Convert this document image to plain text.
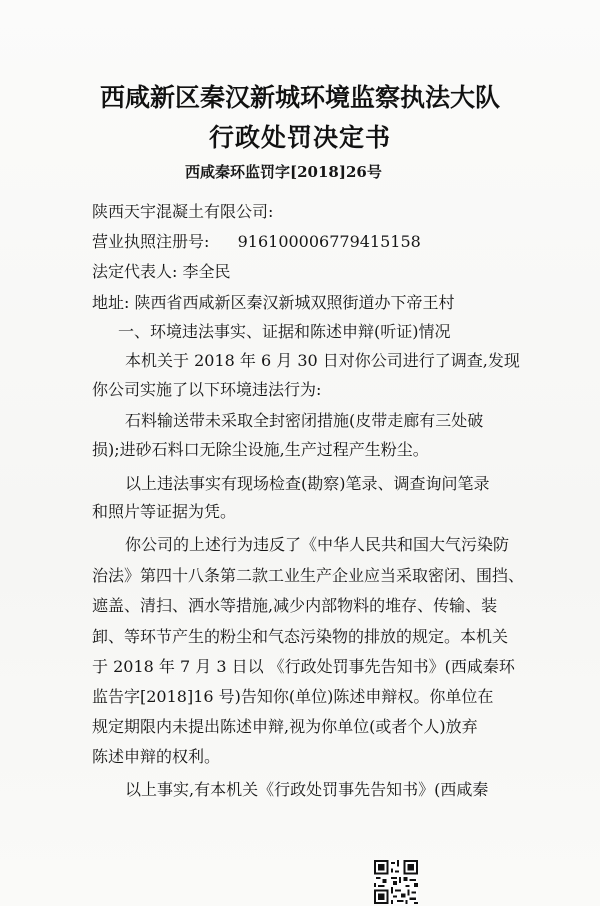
西咸新区秦汉新城环境监察执法大队
行政处罚决定书
西咸秦环监罚字[2018]26号
陕西天宇混凝土有限公司:
营业执照注册号: 916100006779415158
法定代表人: 李全民
地址: 陕西省西咸新区秦汉新城双照街道办下帝王村
一、环境违法事实、证据和陈述申辩(听证)情况
本机关于 2018 年 6 月 30 日对你公司进行了调查,发现
你公司实施了以下环境违法行为:
石料输送带未采取全封密闭措施(皮带走廊有三处破
损);进砂石料口无除尘设施,生产过程产生粉尘。
以上违法事实有现场检查(勘察)笔录、调查询问笔录
和照片等证据为凭。
你公司的上述行为违反了《中华人民共和国大气污染防
治法》第四十八条第二款工业生产企业应当采取密闭、围挡、
遮盖、清扫、洒水等措施,减少内部物料的堆存、传输、装
卸、等环节产生的粉尘和气态污染物的排放的规定。本机关
于 2018 年 7 月 3 日以 《行政处罚事先告知书》(西咸秦环
监告字[2018]16 号)告知你(单位)陈述申辩权。你单位在
规定期限内未提出陈述申辩,视为你单位(或者个人)放弃
陈述申辩的权利。
以上事实,有本机关《行政处罚事先告知书》(西咸秦
